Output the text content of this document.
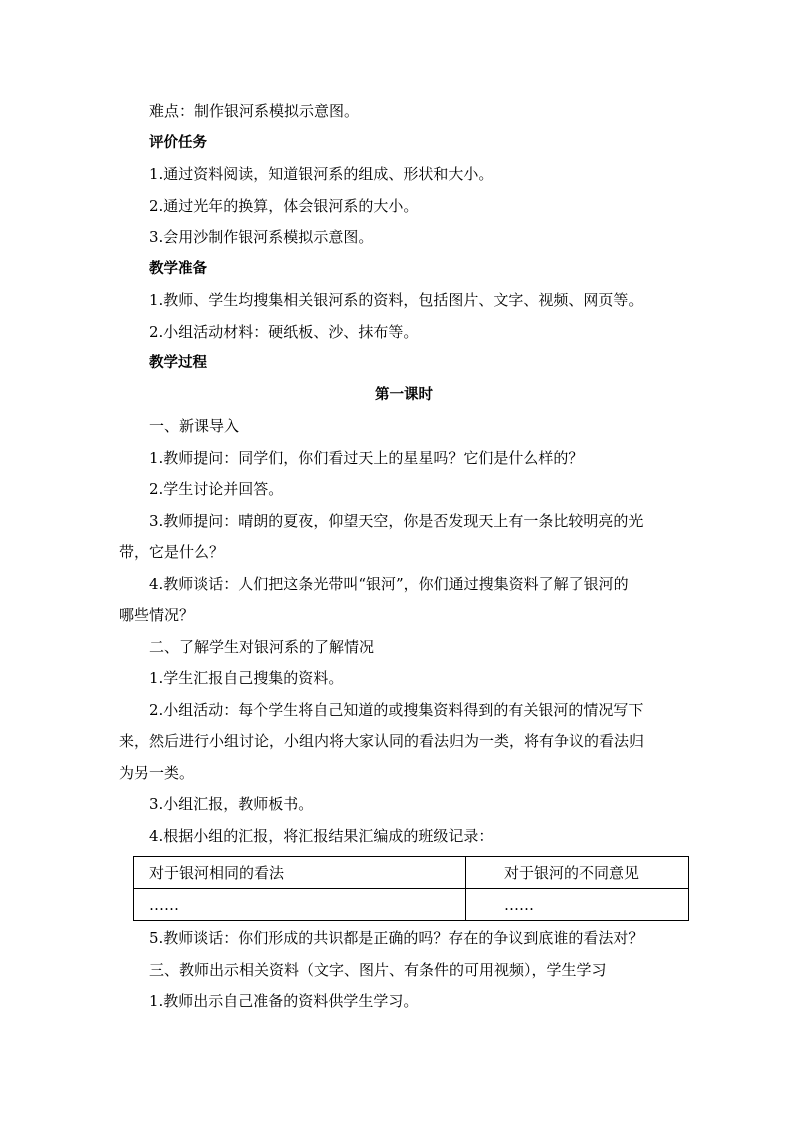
难点：制作银河系模拟示意图。

评价任务

1.通过资料阅读，知道银河系的组成、形状和大小。

2.通过光年的换算，体会银河系的大小。

3.会用沙制作银河系模拟示意图。

教学准备

1.教师、学生均搜集相关银河系的资料，包括图片、文字、视频、网页等。

2.小组活动材料：硬纸板、沙、抹布等。

教学过程

第一课时

一、新课导入

1.教师提问：同学们，你们看过天上的星星吗？它们是什么样的？

2.学生讨论并回答。

3.教师提问：晴朗的夏夜，仰望天空，你是否发现天上有一条比较明亮的光

带，它是什么？

4.教师谈话：人们把这条光带叫“银河”，你们通过搜集资料了解了银河的

哪些情况？

二、了解学生对银河系的了解情况

1.学生汇报自己搜集的资料。

2.小组活动：每个学生将自己知道的或搜集资料得到的有关银河的情况写下

来，然后进行小组讨论，小组内将大家认同的看法归为一类，将有争议的看法归

为另一类。

3.小组汇报，教师板书。

4.根据小组的汇报，将汇报结果汇编成的班级记录：

对于银河相同的看法	对于银河的不同意见
……	……

5.教师谈话：你们形成的共识都是正确的吗？存在的争议到底谁的看法对？

三、教师出示相关资料（文字、图片、有条件的可用视频），学生学习

1.教师出示自己准备的资料供学生学习。
